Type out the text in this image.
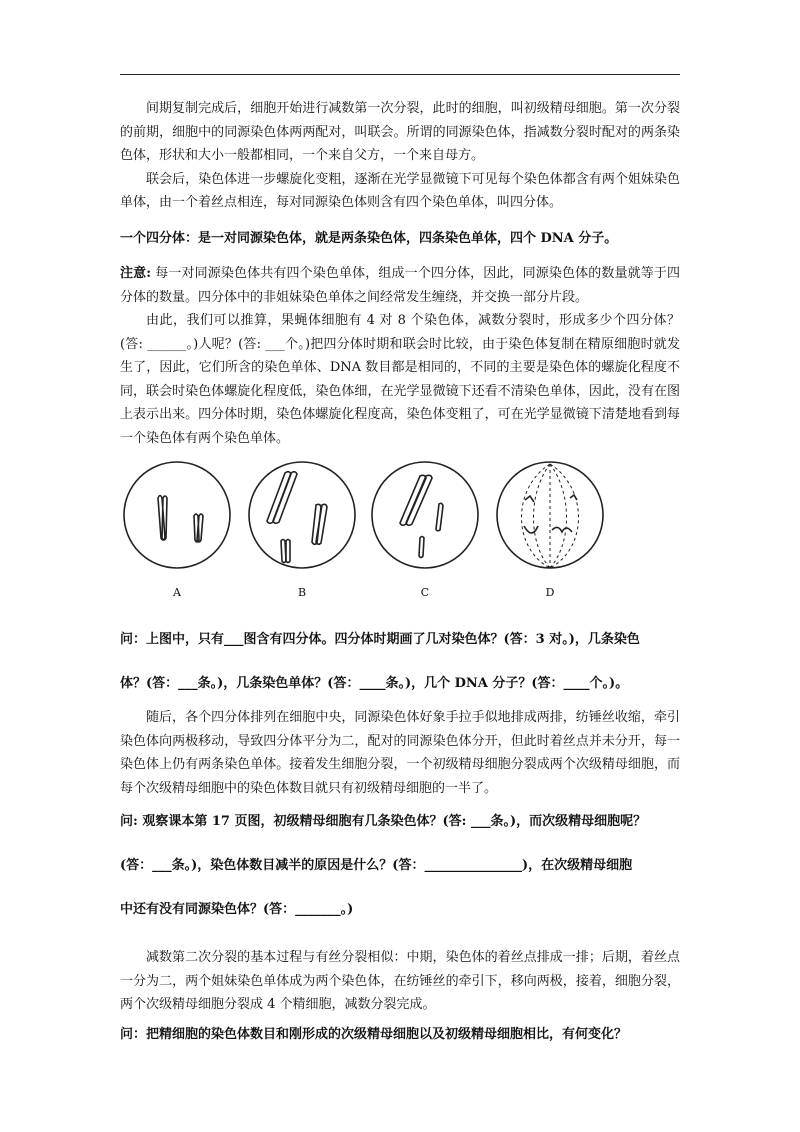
间期复制完成后，细胞开始进行减数第一次分裂，此时的细胞，叫初级精母细胞。第一次分裂的前期，细胞中的同源染色体两两配对，叫联会。所谓的同源染色体，指减数分裂时配对的两条染色体，形状和大小一般都相同，一个来自父方，一个来自母方。

联会后，染色体进一步螺旋化变粗，逐渐在光学显微镜下可见每个染色体都含有两个姐妹染色单体，由一个着丝点相连，每对同源染色体则含有四个染色单体，叫四分体。

一个四分体：是一对同源染色体，就是两条染色体，四条染色单体，四个 DNA 分子。

注意: 每一对同源染色体共有四个染色单体，组成一个四分体，因此，同源染色体的数量就等于四分体的数量。四分体中的非姐妹染色单体之间经常发生缠绕，并交换一部分片段。

由此，我们可以推算，果蝇体细胞有 4 对 8 个染色体，减数分裂时，形成多少个四分体？(答: ______。)人呢？(答: ___个。)把四分体时期和联会时比较，由于染色体复制在精原细胞时就发生了，因此，它们所含的染色单体、DNA 数目都是相同的，不同的主要是染色体的螺旋化程度不同，联会时染色体螺旋化程度低，染色体细，在光学显微镜下还看不清染色单体，因此，没有在图上表示出来。四分体时期，染色体螺旋化程度高，染色体变粗了，可在光学显微镜下清楚地看到每一个染色体有两个染色单体。

A	B	C	D

问：上图中，只有___图含有四分体。四分体时期画了几对染色体？(答：3 对。)，几条染色

体？(答：___条。)，几条染色单体？(答：____条。)，几个 DNA 分子？(答：____个。)。

随后，各个四分体排列在细胞中央，同源染色体好象手拉手似地排成两排，纺锤丝收缩，牵引染色体向两极移动，导致四分体平分为二，配对的同源染色体分开，但此时着丝点并未分开，每一染色体上仍有两条染色单体。接着发生细胞分裂，一个初级精母细胞分裂成两个次级精母细胞，而每个次级精母细胞中的染色体数目就只有初级精母细胞的一半了。

问: 观察课本第 17 页图，初级精母细胞有几条染色体？(答: ___条。)，而次级精母细胞呢？

(答：___条。)，染色体数目减半的原因是什么？(答：_______________)，在次级精母细胞

中还有没有同源染色体？(答：_______。)

减数第二次分裂的基本过程与有丝分裂相似：中期，染色体的着丝点排成一排；后期，着丝点一分为二，两个姐妹染色单体成为两个染色体，在纺锤丝的牵引下，移向两极，接着，细胞分裂，两个次级精母细胞分裂成 4 个精细胞，减数分裂完成。

问：把精细胞的染色体数目和刚形成的次级精母细胞以及初级精母细胞相比，有何变化？
